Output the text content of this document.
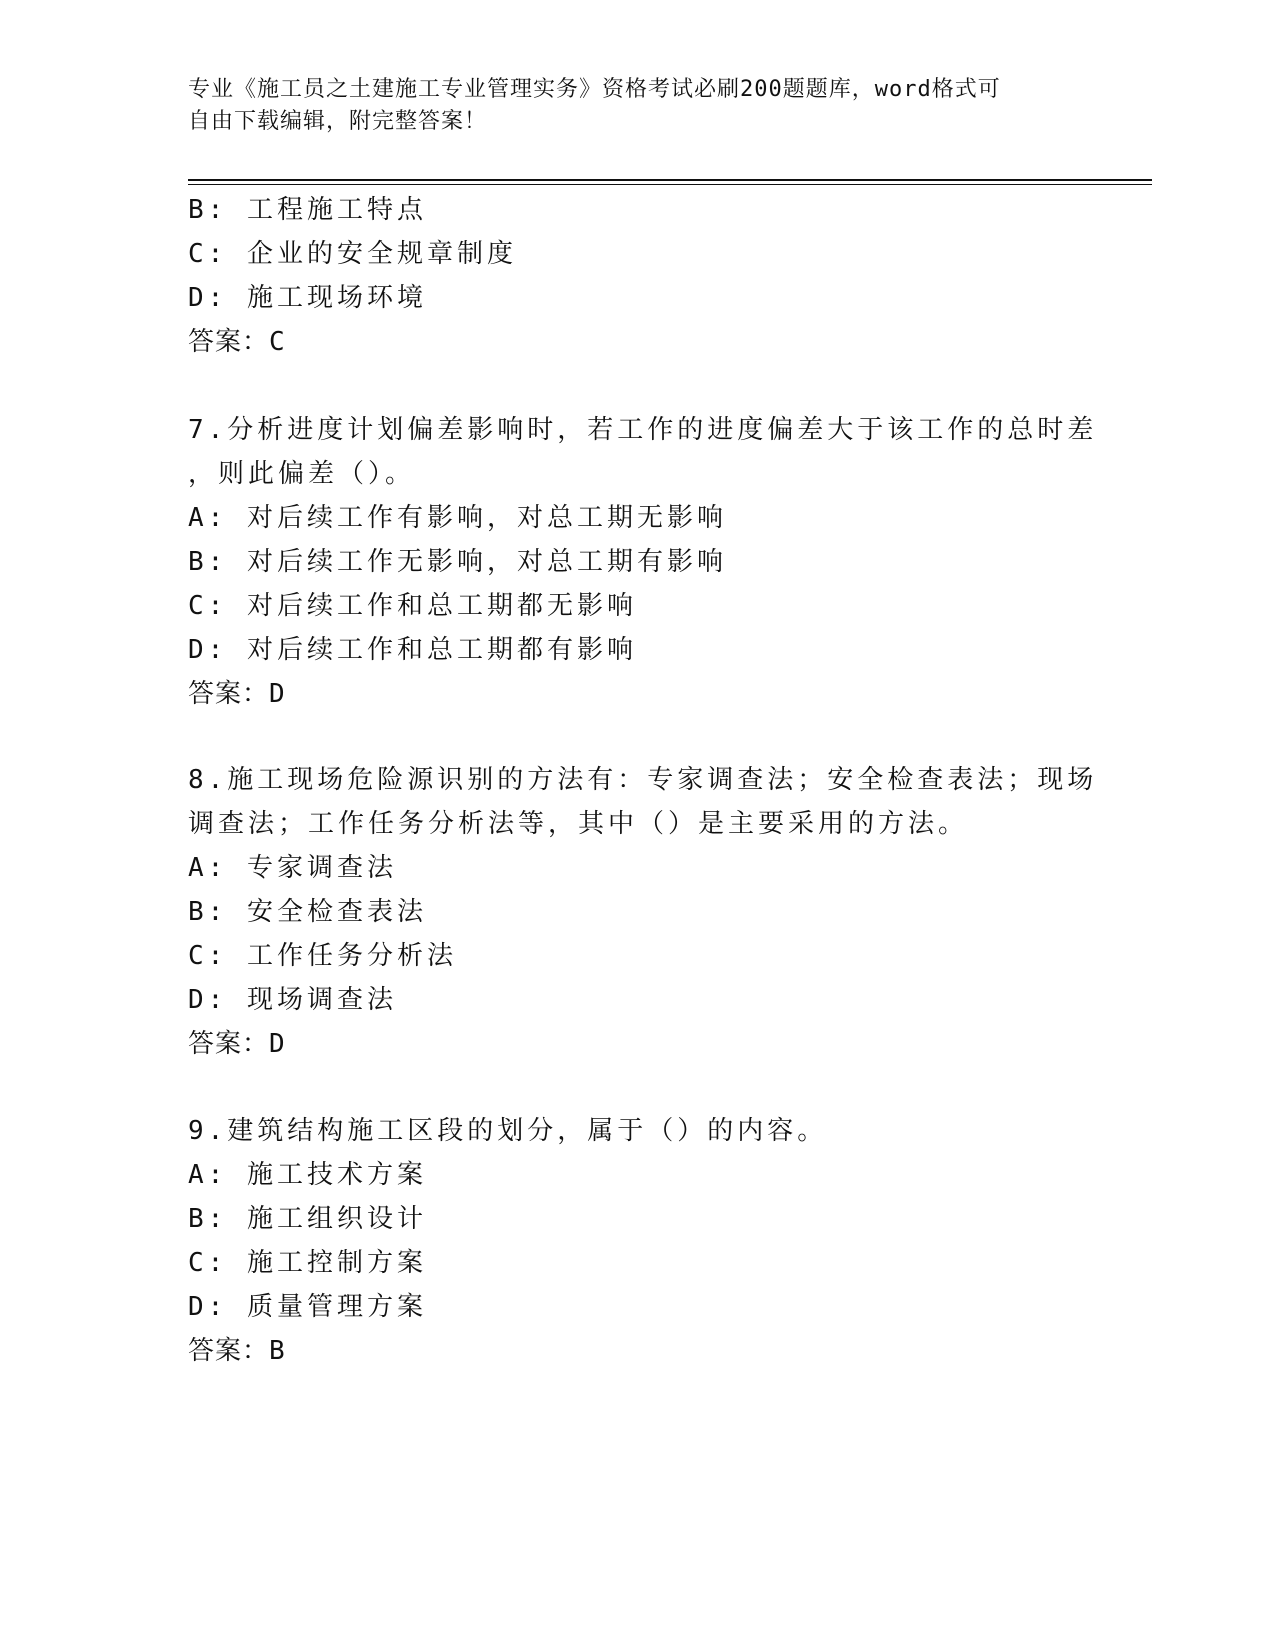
专业《施工员之土建施工专业管理实务》资格考试必刷200题题库，word格式可
自由下载编辑，附完整答案！
B: 工程施工特点
C: 企业的安全规章制度
D: 施工现场环境
答案：C
7.分析进度计划偏差影响时，若工作的进度偏差大于该工作的总时差
，则此偏差（）。
A: 对后续工作有影响，对总工期无影响
B: 对后续工作无影响，对总工期有影响
C: 对后续工作和总工期都无影响
D: 对后续工作和总工期都有影响
答案：D
8.施工现场危险源识别的方法有：专家调查法；安全检查表法；现场
调查法；工作任务分析法等，其中（）是主要采用的方法。
A: 专家调查法
B: 安全检查表法
C: 工作任务分析法
D: 现场调查法
答案：D
9.建筑结构施工区段的划分，属于（）的内容。
A: 施工技术方案
B: 施工组织设计
C: 施工控制方案
D: 质量管理方案
答案：B
